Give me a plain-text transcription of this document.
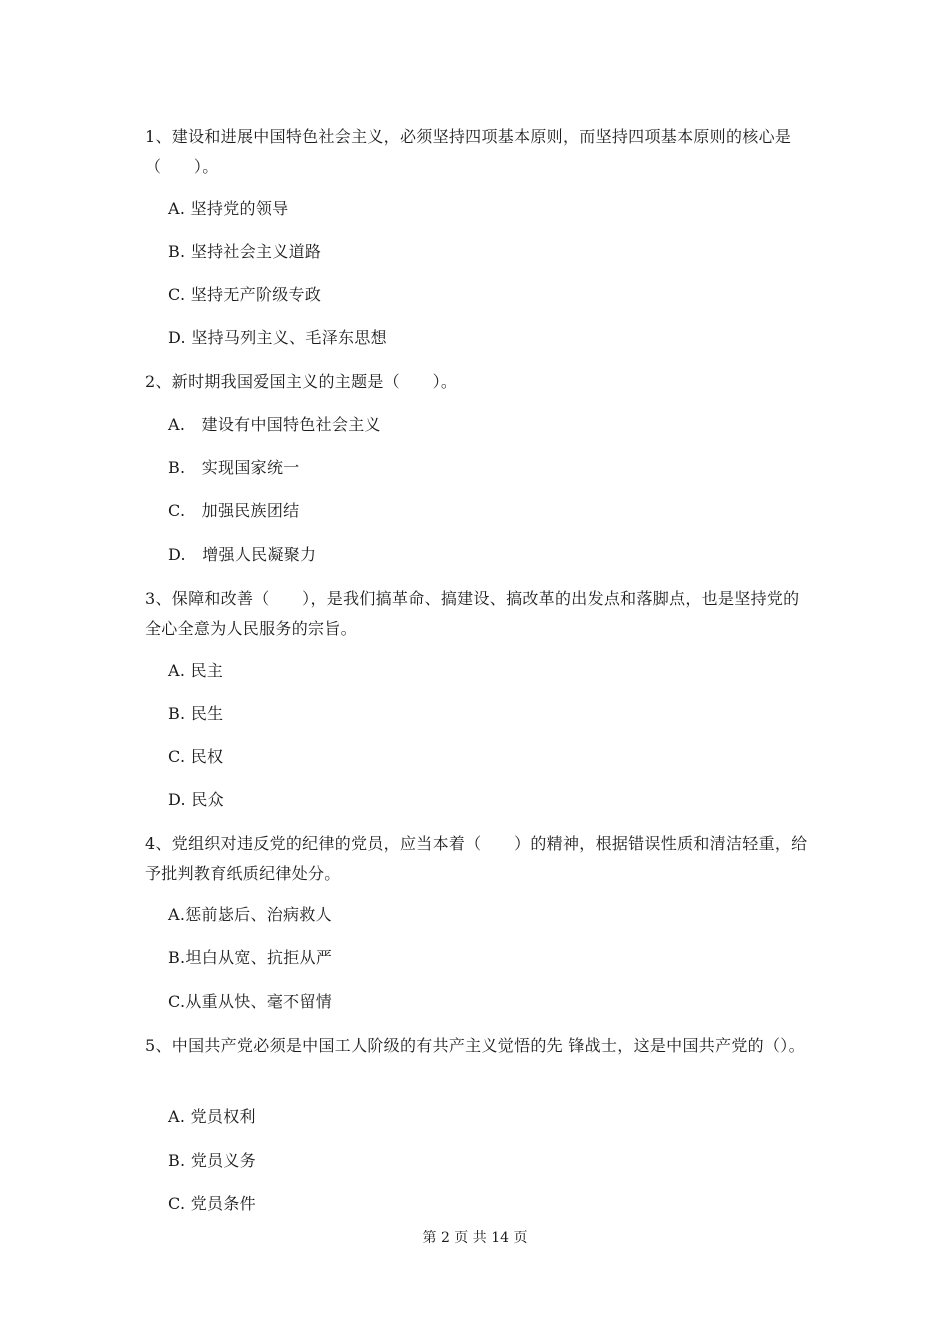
1、建设和进展中国特色社会主义，必须坚持四项基本原则，而坚持四项基本原则的核心是（　　）。
A. 坚持党的领导
B. 坚持社会主义道路
C. 坚持无产阶级专政
D. 坚持马列主义、毛泽东思想
2、新时期我国爱国主义的主题是（　　）。
A.　建设有中国特色社会主义
B.　实现国家统一
C.　加强民族团结
D.　增强人民凝聚力
3、保障和改善（　　），是我们搞革命、搞建设、搞改革的出发点和落脚点，也是坚持党的全心全意为人民服务的宗旨。
A. 民主
B. 民生
C. 民权
D. 民众
4、党组织对违反党的纪律的党员，应当本着（　　）的精神，根据错误性质和清洁轻重，给予批判教育纸质纪律处分。
A.惩前毖后、治病救人
B.坦白从宽、抗拒从严
C.从重从快、毫不留情
5、中国共产党必须是中国工人阶级的有共产主义觉悟的先 锋战士，这是中国共产党的（）。
A. 党员权利
B. 党员义务
C. 党员条件
第 2 页 共 14 页
